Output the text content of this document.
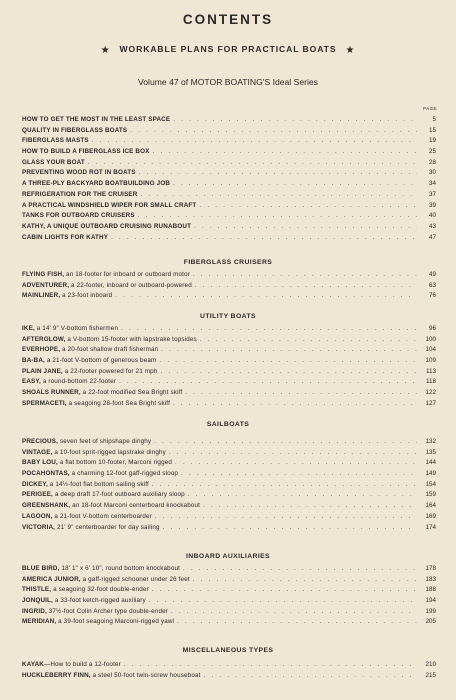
CONTENTS
★ WORKABLE PLANS FOR PRACTICAL BOATS ★
Volume 47 of MOTOR BOATING'S Ideal Series
PAGE
HOW TO GET THE MOST IN THE LEAST SPACE . . .	5
QUALITY IN FIBERGLASS BOATS . . .	15
FIBERGLASS MASTS . . .	19
HOW TO BUILD A FIBERGLASS ICE BOX . . .	25
GLASS YOUR BOAT . . .	28
PREVENTING WOOD ROT IN BOATS . . .	30
A THREE-PLY BACKYARD BOATBUILDING JOB . . .	34
REFRIGERATION FOR THE CRUISER . . .	37
A PRACTICAL WINDSHIELD WIPER FOR SMALL CRAFT . . .	39
TANKS FOR OUTBOARD CRUISERS . . .	40
KATHY, A UNIQUE OUTBOARD CRUISING RUNABOUT . . .	43
CABIN LIGHTS FOR KATHY . . .	47
FIBERGLASS CRUISERS
FLYING FISH, an 18-footer for inboard or outboard motor . . .	49
ADVENTURER, a 22-footer, inboard or outboard-powered . . .	63
MAINLINER, a 23-foot inboard . . .	76
UTILITY BOATS
IKE, a 14' 9" V-bottom fishermen . . .	96
AFTERGLOW, a V-bottom 15-footer with lapstrake topsides . . .	100
EVERHOPE, a 20-foot shallow draft fisherman . . .	104
BA-BA, a 21-foot V-bottom of generous beam . . .	109
PLAIN JANE, a 22-footer powered for 21 mph . . .	113
EASY, a round-bottom 22-footer . . .	118
SHOALS RUNNER, a 22-foot modified Sea Bright skiff . . .	122
SPERMACETI, a seagoing 28-foot Sea Bright skiff . . .	127
SAILBOATS
PRECIOUS, seven feet of shipshape dinghy . . .	132
VINTAGE, a 10-foot sprit-rigged lapstrake dinghy . . .	135
BABY LOU, a flat bottom 10-footer, Marconi rigged . . .	144
POCAHONTAS, a charming 12-foot gaff-rigged sloop . . .	149
DICKEY, a 14½-foot flat bottom sailing skiff . . .	154
PERIGEE, a deep draft 17-foot outboard auxiliary sloop . . .	159
GREENSHANK, an 18-foot Marconi centerboard knockabout . . .	164
LAGOON, a 21-foot V-bottom centerboarder . . .	169
VICTORIA, 21' 9" centerboarder for day sailing . . .	174
INBOARD AUXILIARIES
BLUE BIRD, 18' 1" x 6' 10", round bottom knockabout . . .	178
AMERICA JUNIOR, a gaff-rigged schooner under 26 feet . . .	183
THISTLE, a seagoing 32-foot double-ender . . .	188
JONQUIL, a 33-foot ketch-rigged auxiliary . . .	194
INGRID, 37½-foot Colin Archer type double-ender . . .	199
MERIDIAN, a 39-foot seagoing Marconi-rigged yawl . . .	205
MISCELLANEOUS TYPES
KAYAK—How to build a 12-footer . . .	210
HUCKLEBERRY FINN, a steel 50-foot twin-screw houseboat . . .	215
